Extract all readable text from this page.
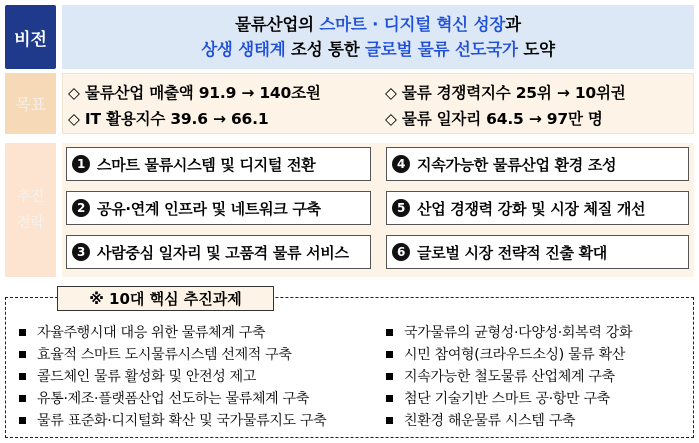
비전
물류산업의 스마트 · 디지털 혁신 성장과
상생 생태계 조성 통한 글로벌 물류 선도국가 도약
목표
◇ 물류산업 매출액 91.9 → 140조원	◇ 물류 경쟁력지수 25위 → 10위권
◇ IT 활용지수 39.6 → 66.1	◇ 물류 일자리 64.5 → 97만 명
추진
전략
1 스마트 물류시스템 및 디지털 전환	4 지속가능한 물류산업 환경 조성
2 공유·연계 인프라 및 네트워크 구축	5 산업 경쟁력 강화 및 시장 체질 개선
3 사람중심 일자리 및 고품격 물류 서비스	6 글로벌 시장 전략적 진출 확대
자율주행시대 대응 위한 물류체계 구축
효율적 스마트 도시물류시스템 선제적 구축
콜드체인 물류 활성화 및 안전성 제고
유통·제조·플랫폼산업 선도하는 물류체계 구축
물류 표준화·디지털화 확산 및 국가물류지도 구축
국가물류의 균형성·다양성·회복력 강화
시민 참여형(크라우드소싱) 물류 확산
지속가능한 철도물류 산업체계 구축
첨단 기술기반 스마트 공·항만 구축
친환경 해운물류 시스템 구축
※ 10대 핵심 추진과제
